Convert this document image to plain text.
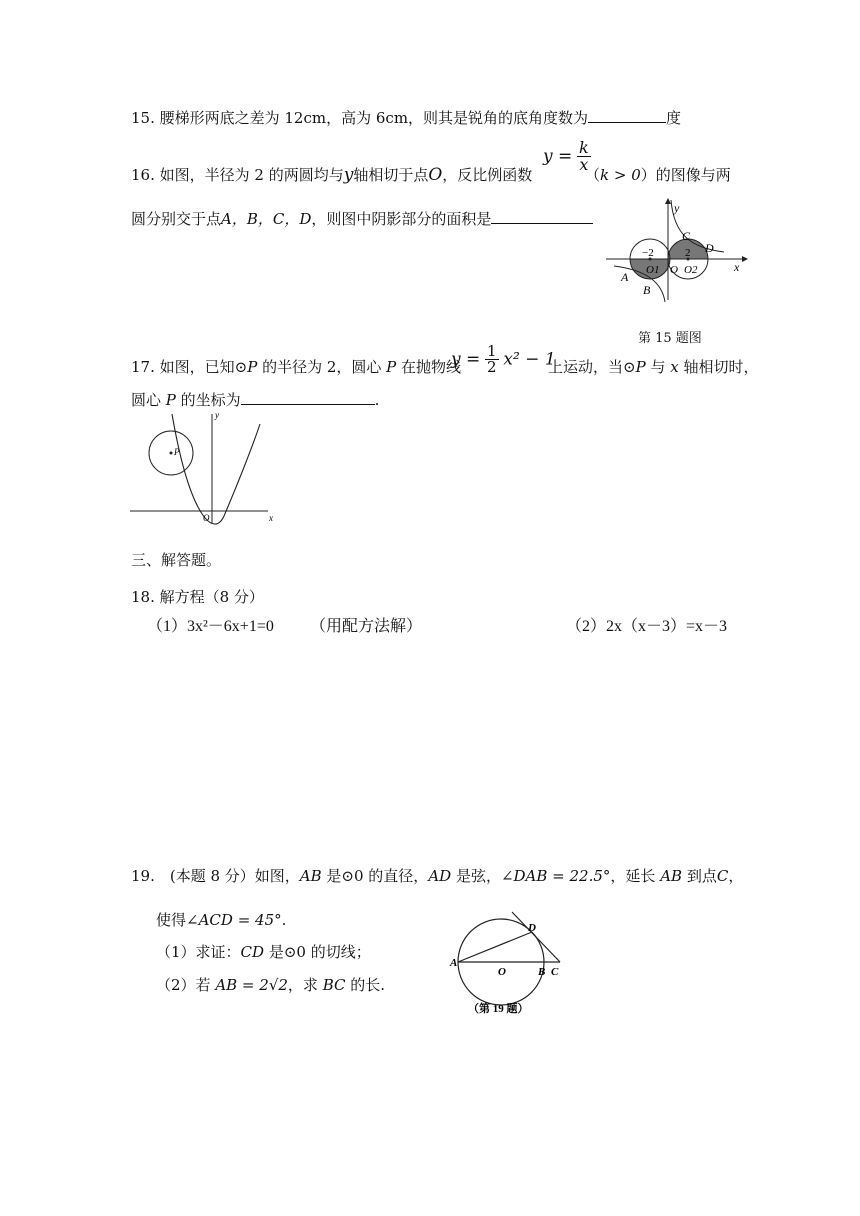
15. 腰梯形两底之差为 12cm，高为 6cm，则其是锐角的底角度数为	度
16. 如图，半径为 2 的两圆均与y轴相切于点O，反比例函数
$y = \frac{k}{x}$
（k > 0）的图像与两
圆分别交于点A，B，C，D，则图中阴影部分的面积是
y
x
−2	2
C
D
A
B
O1 O O2
第 15 题图
17. 如图，已知⊙P 的半径为 2，圆心 P 在抛物线
$y = \frac{1}{2} x^2 - 1$
上运动，当⊙P 与 x 轴相切时，
圆心 P 的坐标为	.
P
y
x
O
三、解答题。
18. 解方程（8 分）
（1）3x²－6x+1=0 （用配方法解）	（2）2x（x－3）=x－3
19.　(本题 8 分）如图，AB 是⊙0 的直径，AD 是弦，∠DAB = 22.5°，延长 AB 到点C，
使得∠ACD = 45°.
（1）求证：CD 是⊙0 的切线；
（2）若 AB = 2√2，求 BC 的长.
A
O	B C
D
（第 19 题）
